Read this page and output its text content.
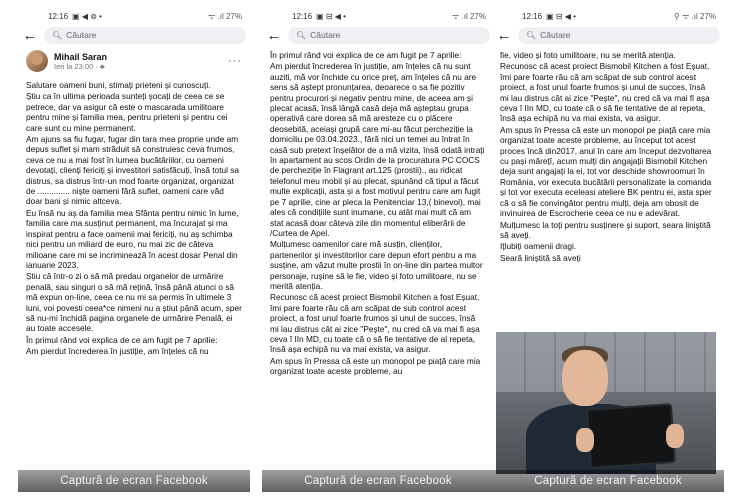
12:16 ▣ ◀ ⊚ •	ᯤ .ıl 27%
← 🔍︎ Căutare
Mihail Saran
Ieri la 23:00 · ♣	···

Salutare oameni buni, stimați prieteni și cunoscuți.

Știu ca în ultima perioada sunteți șocați de ceea ce se petrece, dar va asigur că este o mascarada umilitoare pentru mine și familia mea, pentru prieteni și pentru cei care sunt cu mine permanent.

Am ajuns sa fiu fugar, fugar din tara mea proprie unde am depus suflet și mam străduit să construiesc ceva frumos, ceva ce nu a mai fost în lumea bucătăriilor, cu oameni devotați, clienți fericiți și investitori satisfăcuți, însă totul sa distrus, sa distrus într-un mod foarte organizat, organizat de .............. niște oameni fără suflet, oameni care văd doar bani și nimic altceva.

Eu însă nu aș da familia mea Sfânta pentru nimic în lume, familia care ma susținut permanent, ma încurajat și ma inspirat pentru a face oamenii mai fericiți, nu aș schimba nici pentru un miliard de euro, nu mai zic de câteva milioane care mi se incriminează în acest dosar Penal din ianuarie 2023.

Știu că într-o zi o să mă predau organelor de urmărire penală, sau singuri o să mă rețină, însă până atunci o să mă expun on-line, ceea ce nu mi sa permis în ultimele 3 luni, voi povesti ceea*ce nimeni nu a știut până acum, sper să nu-mi închidă pagina organele de urmărire Penală, ei au toate accesele.

În primul rând voi explica de ce am fugit pe 7 aprilie:

Am pierdut încrederea în justiție, am înțeles că nu

Captură de ecran Facebook
12:16 ▣ ⊟ ◀ •	ᯤ .ıl 27%
← 🔍︎ Căutare

În primul rând voi explica de ce am fugit pe 7 aprilie:

Am pierdut încrederea în justiție, am înțeles că nu sunt auziti, mă vor închide cu orice preț, am înțeles că nu are sens să aștept pronunțarea, deoarece o sa fie pozitiv pentru procurori și negativ pentru mine, de aceea am și plecat acasă, însă lângă casă deja mă așteptau grupa operativă care dorea să mă aresteze cu o plăcere deosebită, aceiași grupă care mi-au făcut percheziție la domiciliu pe 03.04.2023., fără nici un temei au întrat în casă sub pretext înșelător de a mă vizita, însă odată intrați în apartament au scos Ordin de la procuratura PC COCS de percheziție în Flagrant art.125 (prostii)., au ridicat telefonul meu mobil și au plecat, spunând că tipul a făcut multe explicații, asta și a fost motivul pentru care am fugit pe 7 aprilie, cine ar pleca la Penitenciar 13,( binevol), mai ales că condițiile sunt inumane, cu atât mai mult că am stat acasă doar câteva zile din momentul eliberării de /Curtea de Apel.

Mulțumesc oamenilor care mă susțin, clienților, partenerilor și investitorilor care depun efort pentru a ma susține, am văzut multe prostii în on-line din partea multor personaje, rușine să le fie, video și foto umilitoare, nu se merită atenția.

Recunosc că acest proiect Bismobil Kitchen a fost Eșuat, îmi pare foarte rău că am scăpat de sub control acest proiect, a fost unul foarte frumos și unul de succes, însă mi lau distrus cât ai zice "Pește", nu cred că va mai fi așa ceva î IIn MD, cu toate că o să fie tentative de al repeta, însă așa echipă nu va mai exista, va asigur.

Am spus în Pressa că este un monopol pe piață care mia organizat toate aceste probleme, au

Captură de ecran Facebook
12:16 ▣ ⊟ ◀ •	⚲ ᯤ .ıl 27%
← 🔍︎ Căutare

fie, video și foto umilitoare, nu se merită atenția.

Recunosc că acest proiect Bismobil Kitchen a fost Eșuat, îmi pare foarte rău că am scăpat de sub control acest proiect, a fost unul foarte frumos și unul de succes, însă mi lau distrus cât ai zice "Pește", nu cred că va mai fi așa ceva î IIn MD, cu toate că o să fie tentative de al repeta, însă așa echipă nu va mai exista, va asigur.

Am spus în Pressa că este un monopol pe piață care mia organizat toate aceste probleme, au început tot acest proces încă din2017, anul în care am început dezvoltarea cu pași mărețî, acum mulți din angajații Bismobil Kitchen deja sunt angajați la ei, tot vor deschide showroomuri în România, vor executa bucătării personalizate la comanda și tot vor executa eceleasi ateliere BK pentru ei, asta sper că o să fie convingător pentru mulți, deja am obosit de invinuirea de Escrocherie ceea ce nu e adevărat.

Mulțumesc la toți pentru susținere și suport, seara liniștită să aveți.

Iţlubiți oamenii dragi.

Seară liniștită să aveți

Captură de ecran Facebook
